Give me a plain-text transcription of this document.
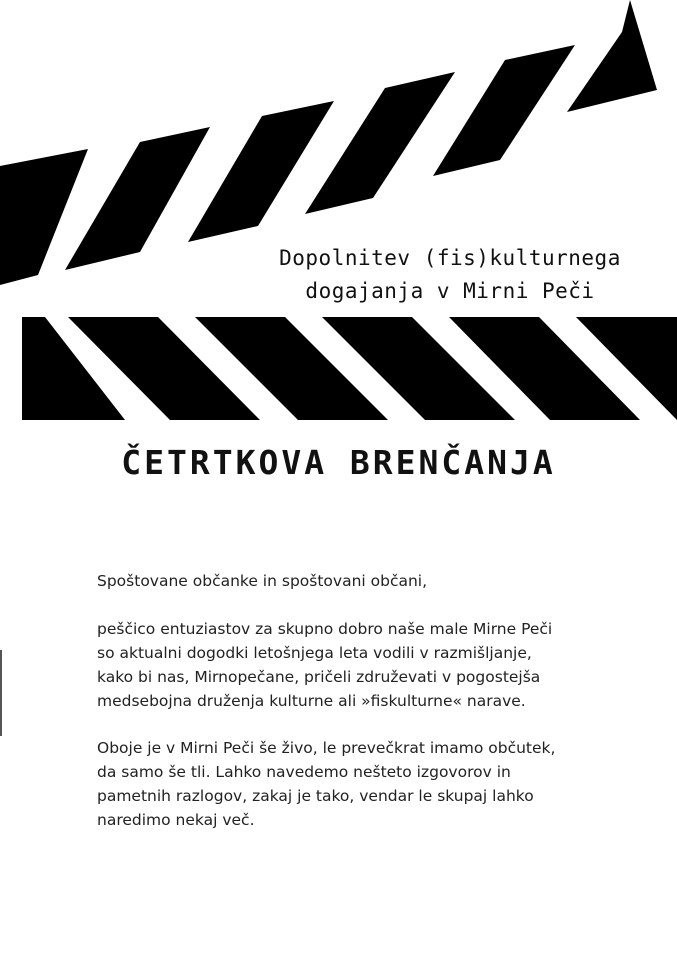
Dopolnitev (fis)kulturnega
dogajanja v Mirni Peči
ČETRTKOVA BRENČANJA

Spoštovane občanke in spoštovani občani,

peščico entuziastov za skupno dobro naše male Mirne Peči
so aktualni dogodki letošnjega leta vodili v razmišljanje,
kako bi nas, Mirnopečane, pričeli združevati v pogostejša
medsebojna druženja kulturne ali »fiskulturne« narave.
Oboje je v Mirni Peči še živo, le prevečkrat imamo občutek,
da samo še tli. Lahko navedemo nešteto izgovorov in
pametnih razlogov, zakaj je tako, vendar le skupaj lahko
naredimo nekaj več.
